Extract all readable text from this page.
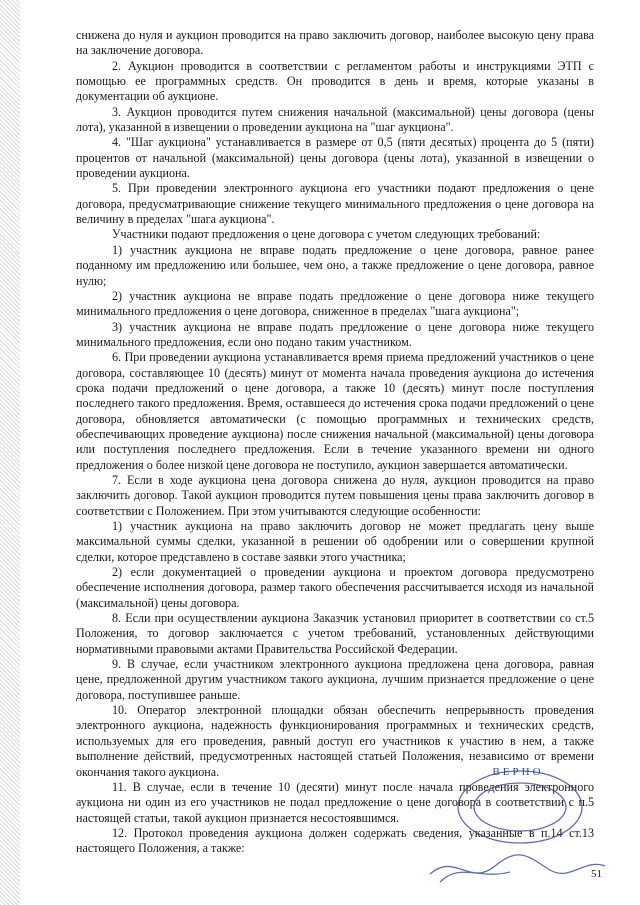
снижена до нуля и аукцион проводится на право заключить договор, наиболее высокую цену права на заключение договора.

2. Аукцион проводится в соответствии с регламентом работы и инструкциями ЭТП с помощью ее программных средств. Он проводится в день и время, которые указаны в документации об аукционе.

3. Аукцион проводится путем снижения начальной (максимальной) цены договора (цены лота), указанной в извещении о проведении аукциона на "шаг аукциона".

4. "Шаг аукциона" устанавливается в размере от 0,5 (пяти десятых) процента до 5 (пяти) процентов от начальной (максимальной) цены договора (цены лота), указанной в извещении о проведении аукциона.

5. При проведении электронного аукциона его участники подают предложения о цене договора, предусматривающие снижение текущего минимального предложения о цене договора на величину в пределах "шага аукциона".

Участники подают предложения о цене договора с учетом следующих требований:

1) участник аукциона не вправе подать предложение о цене договора, равное ранее поданному им предложению или большее, чем оно, а также предложение о цене договора, равное нулю;

2) участник аукциона не вправе подать предложение о цене договора ниже текущего минимального предложения о цене договора, сниженное в пределах "шага аукциона";

3) участник аукциона не вправе подать предложение о цене договора ниже текущего минимального предложения, если оно подано таким участником.

6. При проведении аукциона устанавливается время приема предложений участников о цене договора, составляющее 10 (десять) минут от момента начала проведения аукциона до истечения срока подачи предложений о цене договора, а также 10 (десять) минут после поступления последнего такого предложения. Время, оставшееся до истечения срока подачи предложений о цене договора, обновляется автоматически (с помощью программных и технических средств, обеспечивающих проведение аукциона) после снижения начальной (максимальной) цены договора или поступления последнего предложения. Если в течение указанного времени ни одного предложения о более низкой цене договора не поступило, аукцион завершается автоматически.

7. Если в ходе аукциона цена договора снижена до нуля, аукцион проводится на право заключить договор. Такой аукцион проводится путем повышения цены права заключить договор в соответствии с Положением. При этом учитываются следующие особенности:

1) участник аукциона на право заключить договор не может предлагать цену выше максимальной суммы сделки, указанной в решении об одобрении или о совершении крупной сделки, которое представлено в составе заявки этого участника;

2) если документацией о проведении аукциона и проектом договора предусмотрено обеспечение исполнения договора, размер такого обеспечения рассчитывается исходя из начальной (максимальной) цены договора.

8. Если при осуществлении аукциона Заказчик установил приоритет в соответствии со ст.5 Положения, то договор заключается с учетом требований, установленных действующими нормативными правовыми актами Правительства Российской Федерации.

9. В случае, если участником электронного аукциона предложена цена договора, равная цене, предложенной другим участником такого аукциона, лучшим признается предложение о цене договора, поступившее раньше.

10. Оператор электронной площадки обязан обеспечить непрерывность проведения электронного аукциона, надежность функционирования программных и технических средств, используемых для его проведения, равный доступ его участников к участию в нем, а также выполнение действий, предусмотренных настоящей статьей Положения, независимо от времени окончания такого аукциона.

11. В случае, если в течение 10 (десяти) минут после начала проведения электронного аукциона ни один из его участников не подал предложение о цене договора в соответствии с п.5 настоящей статьи, такой аукцион признается несостоявшимся.

12. Протокол проведения аукциона должен содержать сведения, указанные в п.14 ст.13 настоящего Положения, а также:

ВЕРНО
51
